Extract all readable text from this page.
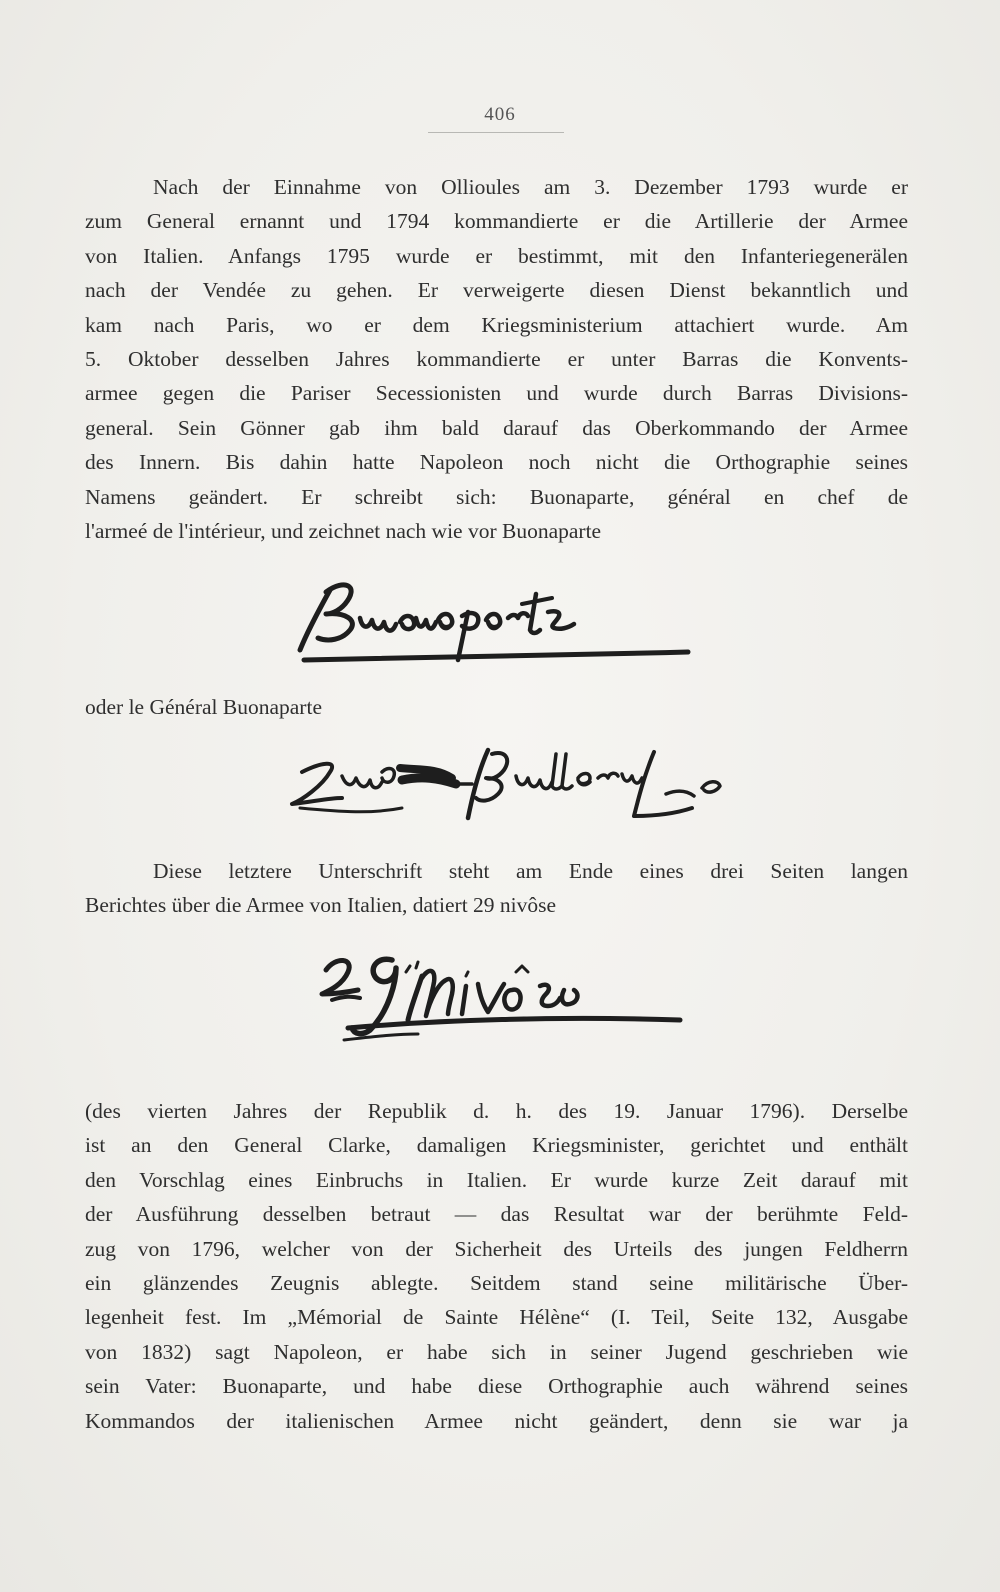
406
Nach der Einnahme von Ollioules am 3. Dezember 1793 wurde er
zum General ernannt und 1794 kommandierte er die Artillerie der Armee
von Italien. Anfangs 1795 wurde er bestimmt, mit den Infanteriegenerälen
nach der Vendée zu gehen. Er verweigerte diesen Dienst bekanntlich und
kam nach Paris, wo er dem Kriegsministerium attachiert wurde. Am
5. Oktober desselben Jahres kommandierte er unter Barras die Konvents-
armee gegen die Pariser Secessionisten und wurde durch Barras Divisions-
general. Sein Gönner gab ihm bald darauf das Oberkommando der Armee
des Innern. Bis dahin hatte Napoleon noch nicht die Orthographie seines
Namens geändert. Er schreibt sich: Buonaparte, général en chef de
l'armeé de l'intérieur, und zeichnet nach wie vor Buonaparte
oder le Général Buonaparte
Diese letztere Unterschrift steht am Ende eines drei Seiten langen
Berichtes über die Armee von Italien, datiert 29 nivôse
(des vierten Jahres der Republik d. h. des 19. Januar 1796). Derselbe
ist an den General Clarke, damaligen Kriegsminister, gerichtet und enthält
den Vorschlag eines Einbruchs in Italien. Er wurde kurze Zeit darauf mit
der Ausführung desselben betraut — das Resultat war der berühmte Feld-
zug von 1796, welcher von der Sicherheit des Urteils des jungen Feldherrn
ein glänzendes Zeugnis ablegte. Seitdem stand seine militärische Über-
legenheit fest. Im „Mémorial de Sainte Hélène“ (I. Teil, Seite 132, Ausgabe
von 1832) sagt Napoleon, er habe sich in seiner Jugend geschrieben wie
sein Vater: Buonaparte, und habe diese Orthographie auch während seines
Kommandos der italienischen Armee nicht geändert, denn sie war ja
